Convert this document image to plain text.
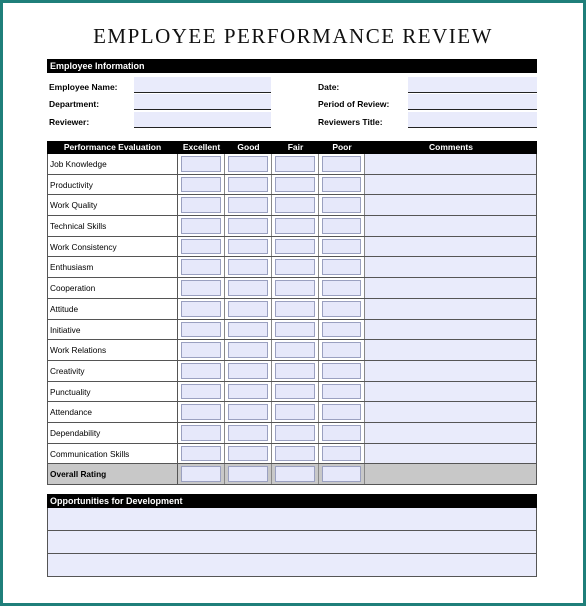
EMPLOYEE PERFORMANCE REVIEW
Employee Information
Employee Name:
Department:
Reviewer:
Date:
Period of Review:
Reviewers Title:
Performance Evaluation	Excellent	Good	Fair	Poor	Comments
Job Knowledge
Productivity
Work Quality
Technical Skills
Work Consistency
Enthusiasm
Cooperation
Attitude
Initiative
Work Relations
Creativity
Punctuality
Attendance
Dependability
Communication Skills
Overall Rating
Opportunities for Development
